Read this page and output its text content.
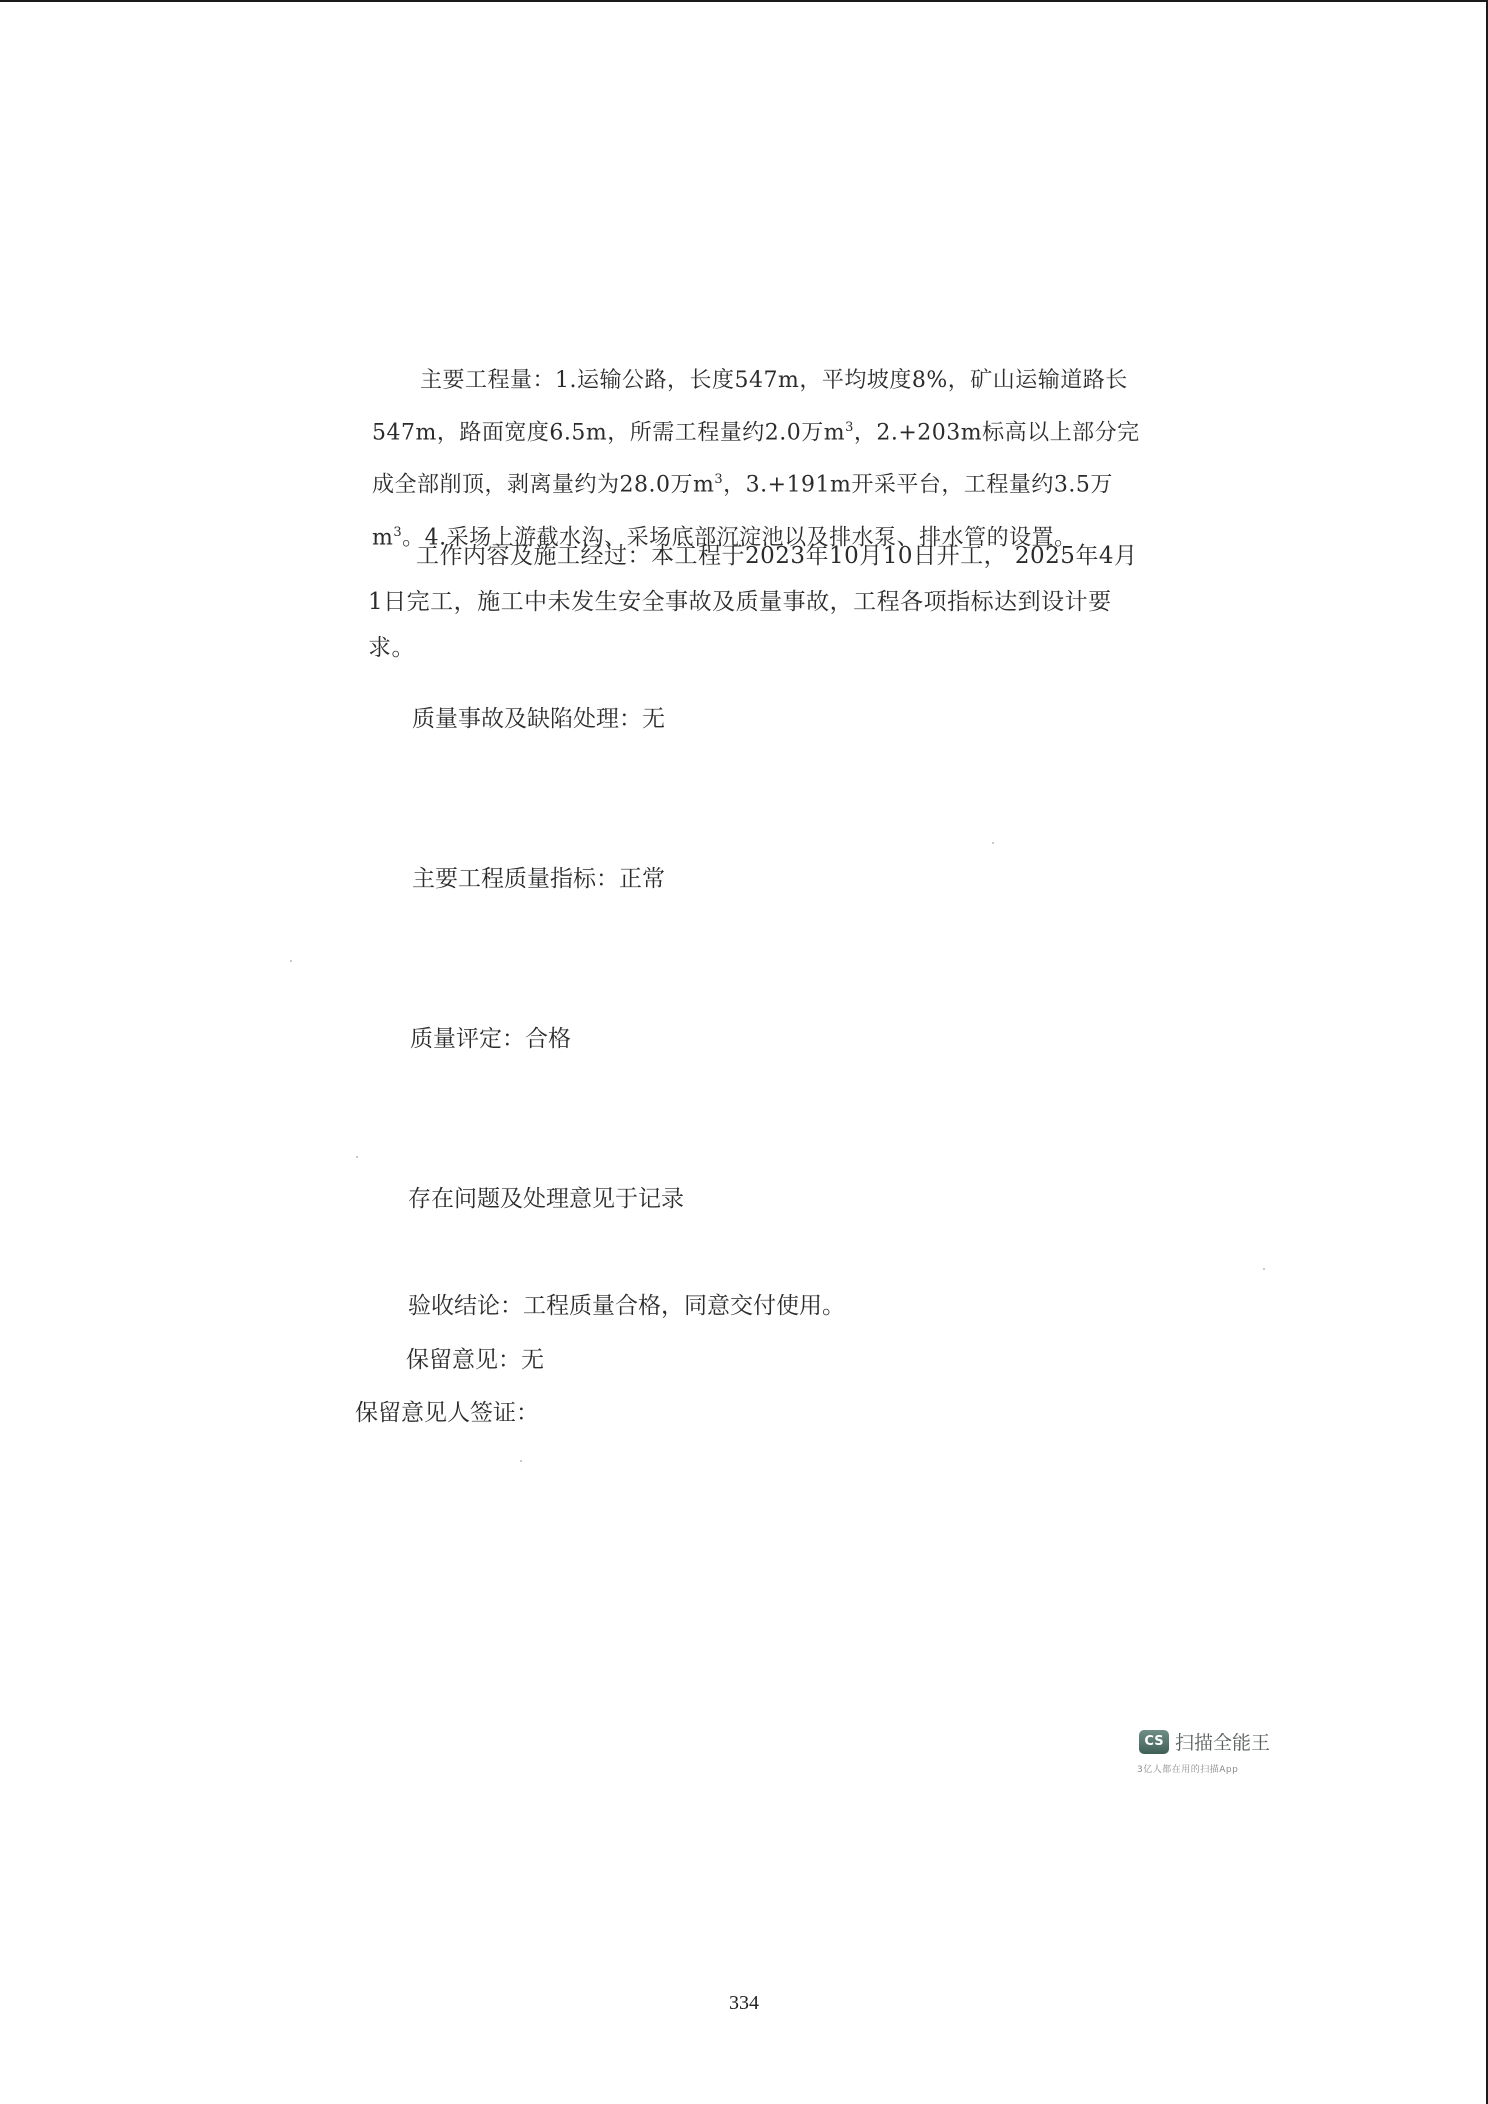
主要工程量：1.运输公路，长度547m，平均坡度8%，矿山运输道路长547m，路面宽度6.5m，所需工程量约2.0万$m^3$，2.+203m标高以上部分完成全部削顶，剥离量约为28.0万$m^3$，3.+191m开采平台，工程量约3.5万$m^3$。4.采场上游截水沟、采场底部沉淀池以及排水泵、排水管的设置。

工作内容及施工经过：本工程于2023年10月10日开工， 2025年4月1日完工，施工中未发生安全事故及质量事故，工程各项指标达到设计要求。

质量事故及缺陷处理：无

主要工程质量指标：正常

质量评定：合格

存在问题及处理意见于记录

验收结论：工程质量合格，同意交付使用。

保留意见：无

保留意见人签证：

CS 扫描全能王
3亿人都在用的扫描App
334
